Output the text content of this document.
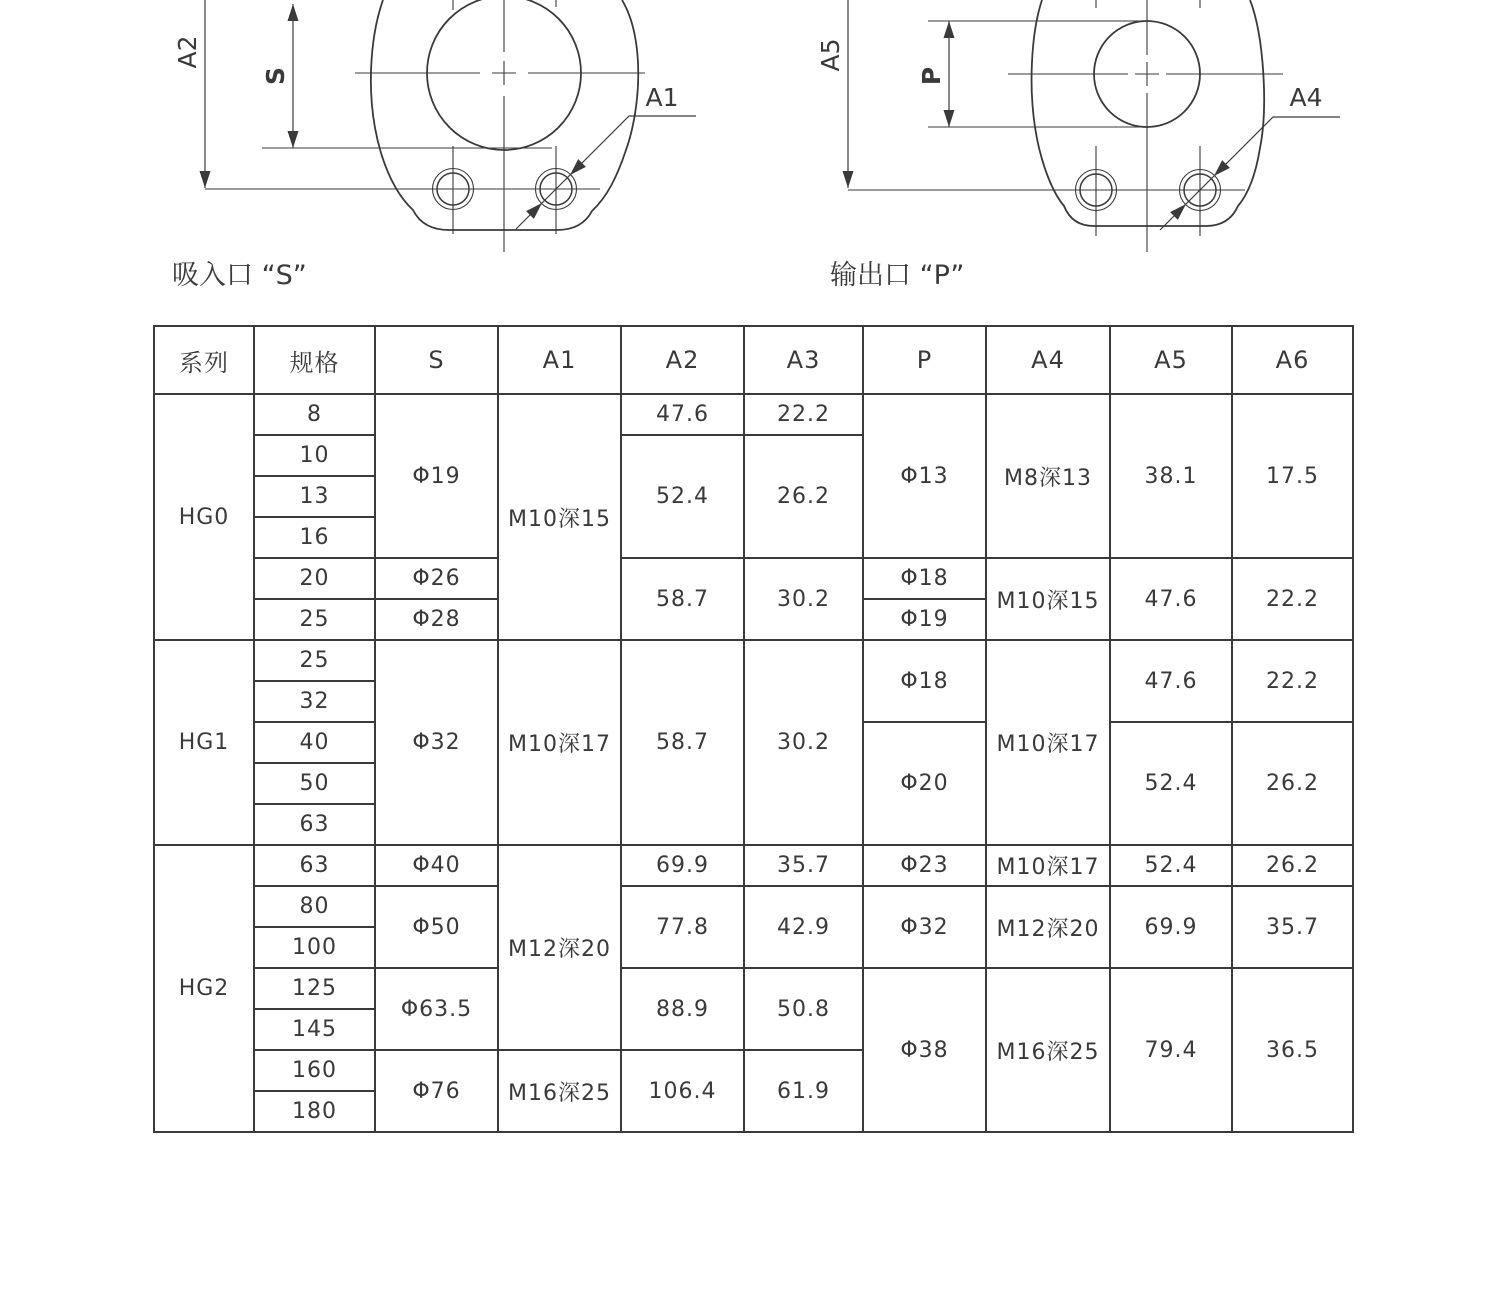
A2
S
A1
吸入口 “S”
A5
P
A4
输出口 “P”
系列	规格	S	A1	A2	A3	P	A4	A5	A6
HG0	8	Φ19	M10深15	47.6	22.2	Φ13	M8深13	38.1	17.5
	10			52.4	26.2				
	13								
	16								
	20	Φ26		58.7	30.2	Φ18	M10深15	47.6	22.2
	25	Φ28				Φ19			
HG1	25	Φ32	M10深17	58.7	30.2	Φ18	M10深17	47.6	22.2
	32								
	40					Φ20		52.4	26.2
	50								
	63								
HG2	63	Φ40	M12深20	69.9	35.7	Φ23	M10深17	52.4	26.2
	80	Φ50		77.8	42.9	Φ32	M12深20	69.9	35.7
	100								
	125	Φ63.5		88.9	50.8	Φ38	M16深25	79.4	36.5
	145								
	160	Φ76	M16深25	106.4	61.9				
	180								
